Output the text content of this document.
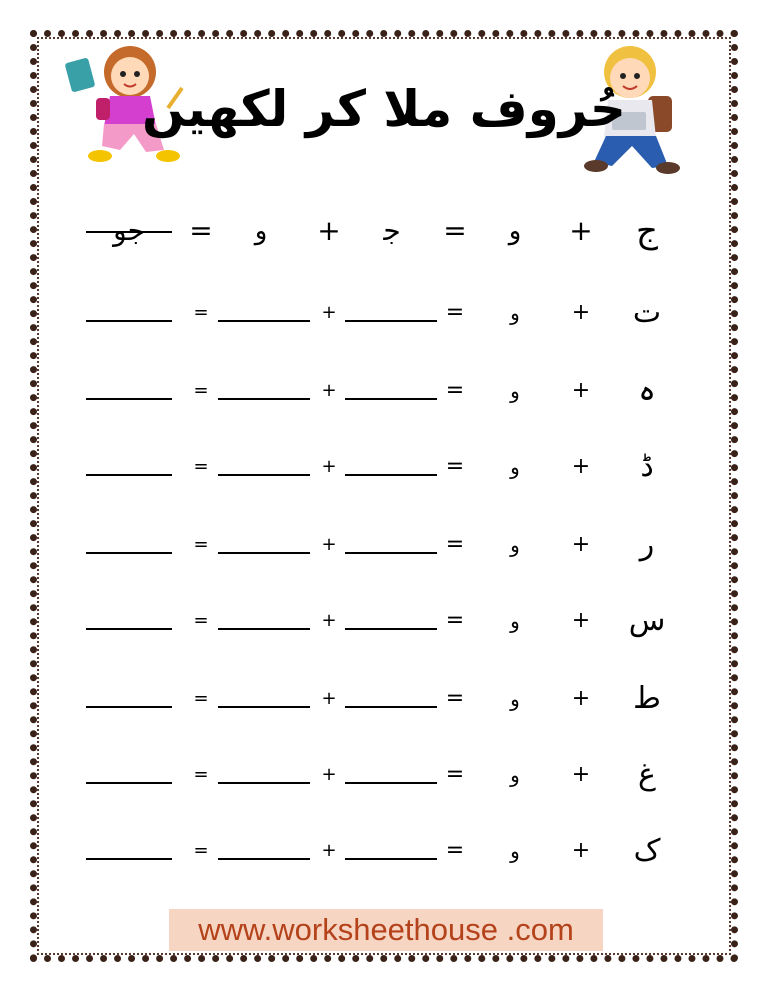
حُروف ملا کر لکھیں
ج
+
و
=
ﺟ
+
و
=
جو
ت
+
و
=
+
=
ہ
+
و
=
+
=
ڈ
+
و
=
+
=
ر
+
و
=
+
=
س
+
و
=
+
=
ط
+
و
=
+
=
غ
+
و
=
+
=
ک
+
و
=
+
=
www.worksheethouse .com
